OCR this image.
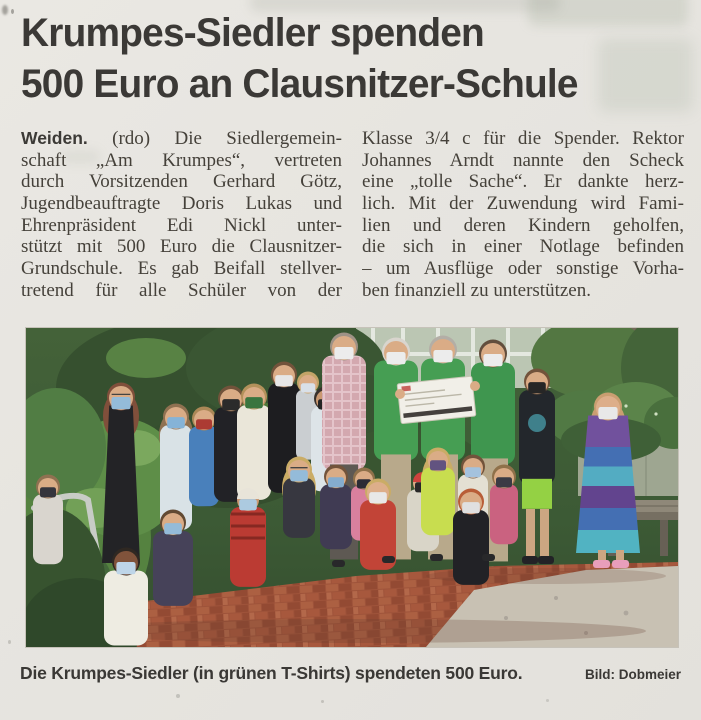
Krumpes-Siedler spenden
500 Euro an Clausnitzer-Schule
Weiden. (rdo) Die Siedlergemein-
schaft „Am Krumpes“, vertreten
durch Vorsitzenden Gerhard Götz,
Jugendbeauftragte Doris Lukas und
Ehrenpräsident Edi Nickl unter-
stützt mit 500 Euro die Clausnitzer-
Grundschule. Es gab Beifall stellver-
tretend für alle Schüler von der
Klasse 3/4 c für die Spender. Rektor
Johannes Arndt nannte den Scheck
eine „tolle Sache“. Er dankte herz-
lich. Mit der Zuwendung wird Fami-
lien und deren Kindern geholfen,
die sich in einer Notlage befinden
– um Ausflüge oder sonstige Vorha-
ben finanziell zu unterstützen.
Die Krumpes-Siedler (in grünen T-Shirts) spendeten 500 Euro.	Bild: Dobmeier
